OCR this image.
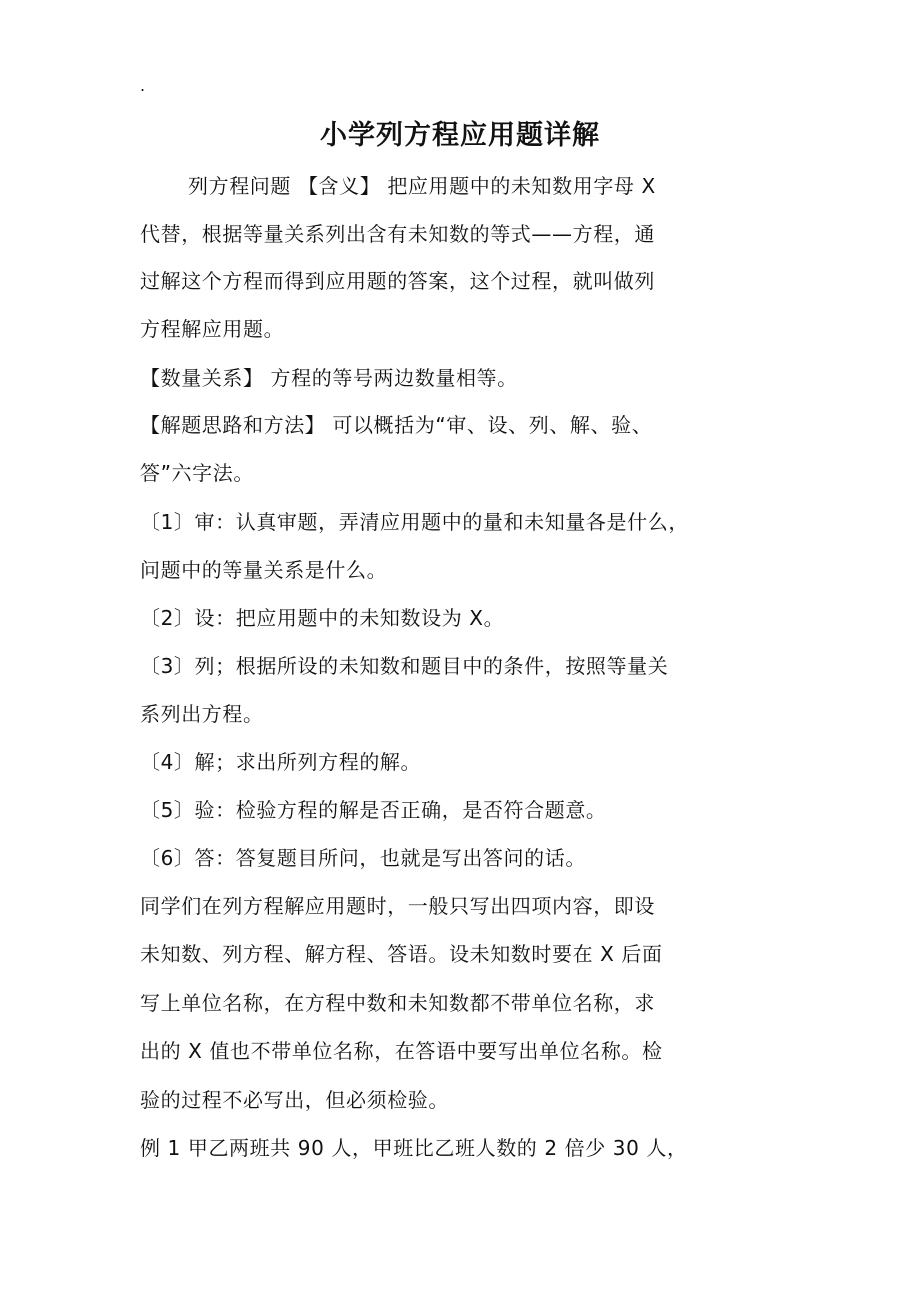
.
小学列方程应用题详解
列方程问题 【含义】 把应用题中的未知数用字母 X
代替，根据等量关系列出含有未知数的等式——方程，通
过解这个方程而得到应用题的答案，这个过程，就叫做列
方程解应用题。
【数量关系】 方程的等号两边数量相等。
【解题思路和方法】 可以概括为“审、设、列、解、验、
答”六字法。
〔1〕审：认真审题，弄清应用题中的量和未知量各是什么，
问题中的等量关系是什么。
〔2〕设：把应用题中的未知数设为 X。
〔3〕列；根据所设的未知数和题目中的条件，按照等量关
系列出方程。
〔4〕解；求出所列方程的解。
〔5〕验：检验方程的解是否正确，是否符合题意。
〔6〕答：答复题目所问，也就是写出答问的话。
同学们在列方程解应用题时，一般只写出四项内容，即设
未知数、列方程、解方程、答语。设未知数时要在 X 后面
写上单位名称，在方程中数和未知数都不带单位名称，求
出的 X 值也不带单位名称，在答语中要写出单位名称。检
验的过程不必写出，但必须检验。
例 1 甲乙两班共 90 人，甲班比乙班人数的 2 倍少 30 人，
